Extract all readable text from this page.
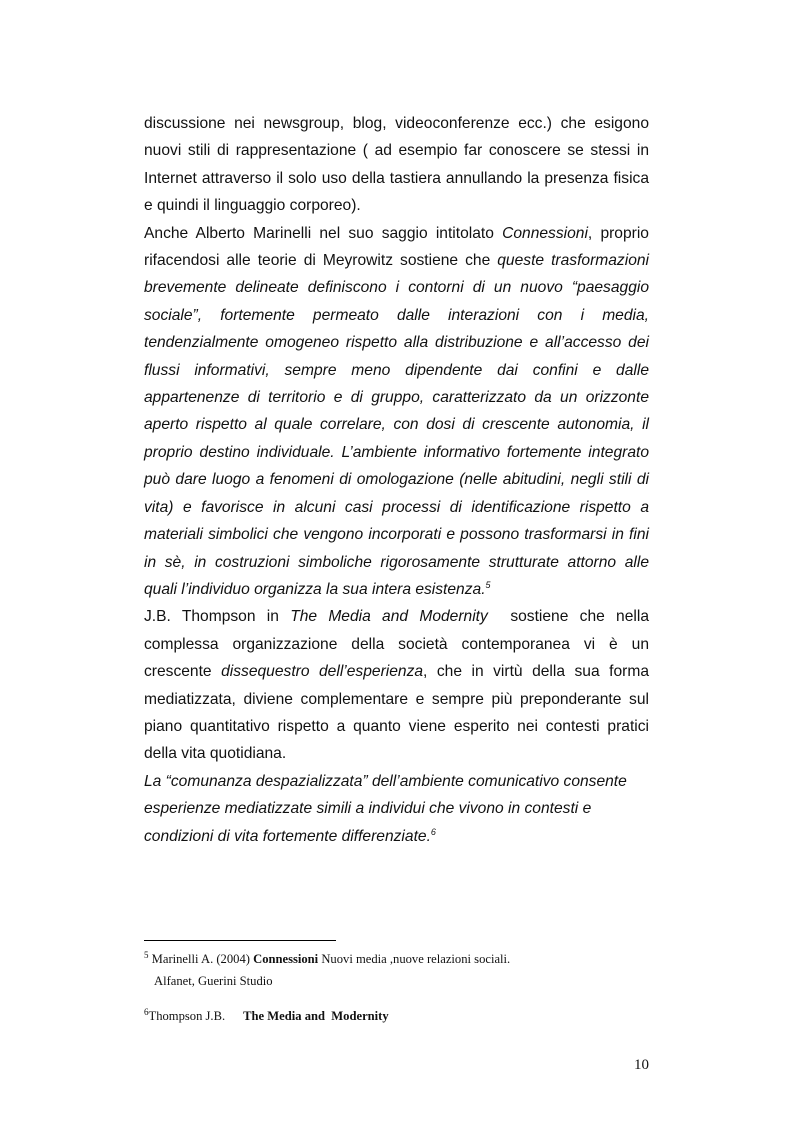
discussione nei newsgroup, blog, videoconferenze ecc.) che esigono nuovi stili di rappresentazione ( ad esempio far conoscere se stessi in Internet attraverso il solo uso della tastiera annullando la presenza fisica e quindi il linguaggio corporeo).

Anche Alberto Marinelli nel suo saggio intitolato Connessioni, proprio rifacendosi alle teorie di Meyrowitz sostiene che queste trasformazioni brevemente delineate definiscono i contorni di un nuovo “paesaggio sociale”, fortemente permeato dalle interazioni con i media, tendenzialmente omogeneo rispetto alla distribuzione e all’accesso dei flussi informativi, sempre meno dipendente dai confini e dalle appartenenze di territorio e di gruppo, caratterizzato da un orizzonte aperto rispetto al quale correlare, con dosi di crescente autonomia, il proprio destino individuale. L’ambiente informativo fortemente integrato può dare luogo a fenomeni di omologazione (nelle abitudini, negli stili di vita) e favorisce in alcuni casi processi di identificazione rispetto a materiali simbolici che vengono incorporati e possono trasformarsi in fini in sè, in costruzioni simboliche rigorosamente strutturate attorno alle quali l’individuo organizza la sua intera esistenza.$^5$

J.B. Thompson in The Media and Modernity  sostiene che nella complessa organizzazione della società contemporanea vi è un crescente dissequestro dell’esperienza, che in virtù della sua forma mediatizzata, diviene complementare e sempre più preponderante sul piano quantitativo rispetto a quanto viene esperito nei contesti pratici della vita quotidiana.

La “comunanza despazializzata” dell’ambiente comunicativo consente
esperienze mediatizzate simili a individui che vivono in contesti e
condizioni di vita fortemente differenziate.$^6$

$^5$ Marinelli A. (2004) Connessioni Nuovi media ,nuove relazioni sociali.

Alfanet, Guerini Studio

$^6$Thompson J.B. The Media and  Modernity

10
